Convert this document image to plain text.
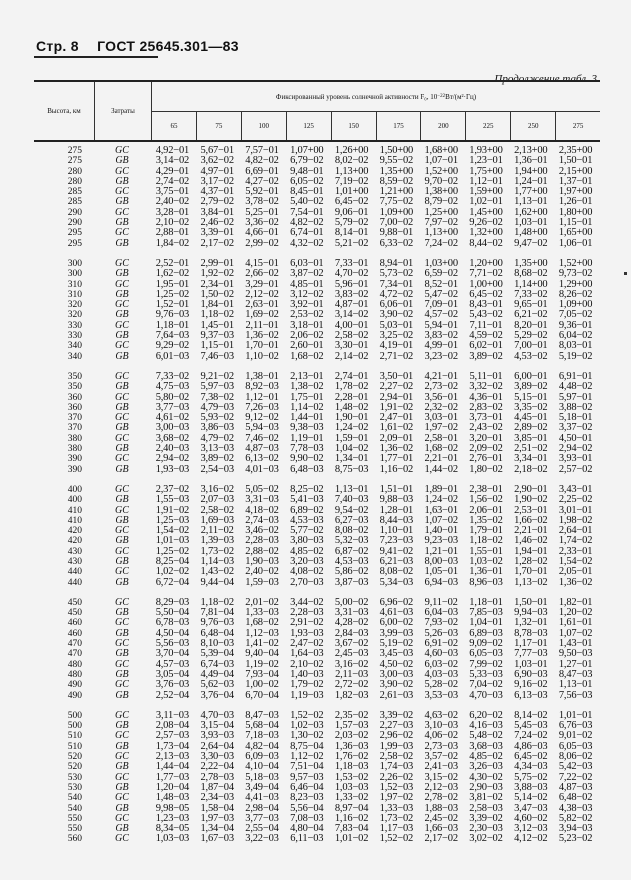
Стр. 8 ГОСТ 25645.301—83
Продолжение табл. 3
Высота, км	Затраты
Фиксированный уровень солнечной активности F₀, 10 −22 Вт/(м²·Гц)
65	75	100	125	150	175	200	225	250	275
275	GC	4,92−01	5,67−01	7,57−01	1,07+00	1,26+00	1,50+00	1,68+00	1,93+00	2,13+00	2,35+00
275	GB	3,14−02	3,62−02	4,82−02	6,79−02	8,02−02	9,55−02	1,07−01	1,23−01	1,36−01	1,50−01
280	GC	4,29−01	4,97−01	6,69−01	9,48−01	1,13+00	1,35+00	1,52+00	1,75+00	1,94+00	2,15+00
280	GB	2,74−02	3,17−02	4,27−02	6,05−02	7,19−02	8,59−02	9,70−02	1,12−01	1,24−01	1,37−01
285	GC	3,75−01	4,37−01	5,92−01	8,45−01	1,01+00	1,21+00	1,38+00	1,59+00	1,77+00	1,97+00
285	GB	2,40−02	2,79−02	3,78−02	5,40−02	6,45−02	7,75−02	8,79−02	1,02−01	1,13−01	1,26−01
290	GC	3,28−01	3,84−01	5,25−01	7,54−01	9,06−01	1,09+00	1,25+00	1,45+00	1,62+00	1,80+00
290	GB	2,10−02	2,46−02	3,36−02	4,82−02	5,79−02	7,00−02	7,97−02	9,26−02	1,03−01	1,15−01
295	GC	2,88−01	3,39−01	4,66−01	6,74−01	8,14−01	9,88−01	1,13+00	1,32+00	1,48+00	1,65+00
295	GB	1,84−02	2,17−02	2,99−02	4,32−02	5,21−02	6,33−02	7,24−02	8,44−02	9,47−02	1,06−01
300	GC	2,52−01	2,99−01	4,15−01	6,03−01	7,33−01	8,94−01	1,03+00	1,20+00	1,35+00	1,52+00
300	GB	1,62−02	1,92−02	2,66−02	3,87−02	4,70−02	5,73−02	6,59−02	7,71−02	8,68−02	9,73−02
310	GC	1,95−01	2,34−01	3,29−01	4,85−01	5,96−01	7,34−01	8,52−01	1,00+00	1,14+00	1,29+00
310	GB	1,25−02	1,50−02	2,12−02	3,12−02	3,83−02	4,72−02	5,47−02	6,45−02	7,33−02	8,26−02
320	GC	1,52−01	1,84−01	2,63−01	3,92−01	4,87−01	6,06−01	7,09−01	8,43−01	9,65−01	1,09+00
320	GB	9,76−03	1,18−02	1,69−02	2,53−02	3,14−02	3,90−02	4,57−02	5,43−02	6,21−02	7,05−02
330	GC	1,18−01	1,45−01	2,11−01	3,18−01	4,00−01	5,03−01	5,94−01	7,11−01	8,20−01	9,36−01
330	GB	7,64−03	9,37−03	1,36−02	2,06−02	2,58−02	3,25−02	3,83−02	4,59−02	5,29−02	6,04−02
340	GC	9,29−02	1,15−01	1,70−01	2,60−01	3,30−01	4,19−01	4,99−01	6,02−01	7,00−01	8,03−01
340	GB	6,01−03	7,46−03	1,10−02	1,68−02	2,14−02	2,71−02	3,23−02	3,89−02	4,53−02	5,19−02
350	GC	7,33−02	9,21−02	1,38−01	2,13−01	2,74−01	3,50−01	4,21−01	5,11−01	6,00−01	6,91−01
350	GB	4,75−03	5,97−03	8,92−03	1,38−02	1,78−02	2,27−02	2,73−02	3,32−02	3,89−02	4,48−02
360	GC	5,80−02	7,38−02	1,12−01	1,75−01	2,28−01	2,94−01	3,56−01	4,36−01	5,15−01	5,97−01
360	GB	3,77−03	4,79−03	7,26−03	1,14−02	1,48−02	1,91−02	2,32−02	2,83−02	3,35−02	3,88−02
370	GC	4,61−02	5,93−02	9,12−02	1,44−01	1,90−01	2,47−01	3,03−01	3,73−01	4,45−01	5,18−01
370	GB	3,00−03	3,86−03	5,94−03	9,38−03	1,24−02	1,61−02	1,97−02	2,43−02	2,89−02	3,37−02
380	GC	3,68−02	4,79−02	7,46−02	1,19−01	1,59−01	2,09−01	2,58−01	3,20−01	3,85−01	4,50−01
380	GB	2,40−03	3,13−03	4,87−03	7,78−03	1,04−02	1,36−02	1,68−02	2,09−02	2,51−02	2,94−02
390	GC	2,94−02	3,89−02	6,13−02	9,90−02	1,34−01	1,77−01	2,21−01	2,76−01	3,34−01	3,93−01
390	GB	1,93−03	2,54−03	4,01−03	6,48−03	8,75−03	1,16−02	1,44−02	1,80−02	2,18−02	2,57−02
400	GC	2,37−02	3,16−02	5,05−02	8,25−02	1,13−01	1,51−01	1,89−01	2,38−01	2,90−01	3,43−01
400	GB	1,55−03	2,07−03	3,31−03	5,41−03	7,40−03	9,88−03	1,24−02	1,56−02	1,90−02	2,25−02
410	GC	1,91−02	2,58−02	4,18−02	6,89−02	9,54−02	1,28−01	1,63−01	2,06−01	2,53−01	3,01−01
410	GB	1,25−03	1,69−03	2,74−03	4,53−03	6,27−03	8,44−03	1,07−02	1,35−02	1,66−02	1,98−02
420	GC	1,54−02	2,11−02	3,46−02	5,77−02	8,08−02	1,10−01	1,40−01	1,79−01	2,21−01	2,64−01
420	GB	1,01−03	1,39−03	2,28−03	3,80−03	5,32−03	7,23−03	9,23−03	1,18−02	1,46−02	1,74−02
430	GC	1,25−02	1,73−02	2,88−02	4,85−02	6,87−02	9,41−02	1,21−01	1,55−01	1,94−01	2,33−01
430	GB	8,25−04	1,14−03	1,90−03	3,20−03	4,53−03	6,21−03	8,00−03	1,03−02	1,28−02	1,54−02
440	GC	1,02−02	1,43−02	2,40−02	4,08−02	5,86−02	8,08−02	1,05−01	1,36−01	1,70−01	2,05−01
440	GB	6,72−04	9,44−04	1,59−03	2,70−03	3,87−03	5,34−03	6,94−03	8,96−03	1,13−02	1,36−02
450	GC	8,29−03	1,18−02	2,01−02	3,44−02	5,00−02	6,96−02	9,11−02	1,18−01	1,50−01	1,82−01
450	GB	5,50−04	7,81−04	1,33−03	2,28−03	3,31−03	4,61−03	6,04−03	7,85−03	9,94−03	1,20−02
460	GC	6,78−03	9,76−03	1,68−02	2,91−02	4,28−02	6,00−02	7,93−02	1,04−01	1,32−01	1,61−01
460	GB	4,50−04	6,48−04	1,12−03	1,93−03	2,84−03	3,99−03	5,26−03	6,89−03	8,78−03	1,07−02
470	GC	5,56−03	8,10−03	1,41−02	2,47−02	3,67−02	5,19−02	6,91−02	9,09−02	1,17−01	1,43−01
470	GB	3,70−04	5,39−04	9,40−04	1,64−03	2,45−03	3,45−03	4,60−03	6,05−03	7,77−03	9,50−03
480	GC	4,57−03	6,74−03	1,19−02	2,10−02	3,16−02	4,50−02	6,03−02	7,99−02	1,03−01	1,27−01
480	GB	3,05−04	4,49−04	7,93−04	1,40−03	2,11−03	3,00−03	4,03−03	5,33−03	6,90−03	8,47−03
490	GC	3,76−03	5,62−03	1,00−02	1,79−02	2,72−02	3,90−02	5,28−02	7,04−02	9,16−02	1,13−01
490	GB	2,52−04	3,76−04	6,70−04	1,19−03	1,82−03	2,61−03	3,53−03	4,70−03	6,13−03	7,56−03
500	GC	3,11−03	4,70−03	8,47−03	1,52−02	2,35−02	3,39−02	4,63−02	6,20−02	8,14−02	1,01−01
500	GB	2,08−04	3,15−04	5,68−04	1,02−03	1,57−03	2,27−03	3,10−03	4,16−03	5,45−03	6,76−03
510	GC	2,57−03	3,93−03	7,18−03	1,30−02	2,03−02	2,96−02	4,06−02	5,48−02	7,24−02	9,01−02
510	GB	1,73−04	2,64−04	4,82−04	8,75−04	1,36−03	1,99−03	2,73−03	3,68−03	4,86−03	6,05−03
520	GC	2,13−03	3,30−03	6,09−03	1,12−02	1,76−02	2,58−02	3,57−02	4,85−02	6,45−02	8,06−02
520	GB	1,44−04	2,22−04	4,10−04	7,51−04	1,18−03	1,74−03	2,41−03	3,26−03	4,34−03	5,42−03
530	GC	1,77−03	2,78−03	5,18−03	9,57−03	1,53−02	2,26−02	3,15−02	4,30−02	5,75−02	7,22−02
530	GB	1,20−04	1,87−04	3,49−04	6,46−04	1,03−03	1,52−03	2,12−03	2,90−03	3,88−03	4,87−03
540	GC	1,48−03	2,34−03	4,41−03	8,23−03	1,33−02	1,97−02	2,78−02	3,81−02	5,14−02	6,48−02
540	GB	9,98−05	1,58−04	2,98−04	5,56−04	8,97−04	1,33−03	1,88−03	2,58−03	3,47−03	4,38−03
550	GC	1,23−03	1,97−03	3,77−03	7,08−03	1,16−02	1,73−02	2,45−02	3,39−02	4,60−02	5,82−02
550	GB	8,34−05	1,34−04	2,55−04	4,80−04	7,83−04	1,17−03	1,66−03	2,30−03	3,12−03	3,94−03
560	GC	1,03−03	1,67−03	3,22−03	6,11−03	1,01−02	1,52−02	2,17−02	3,02−02	4,12−02	5,23−02
